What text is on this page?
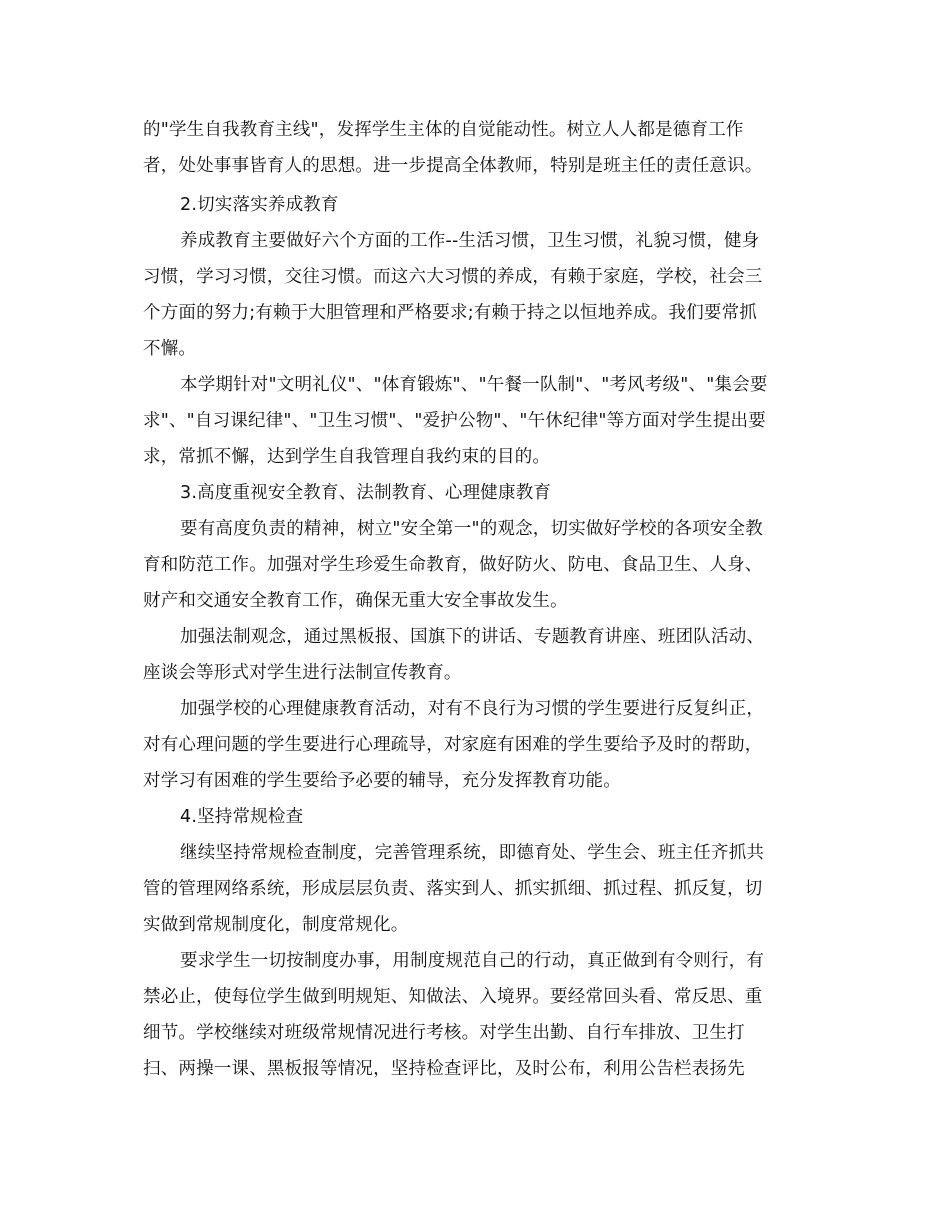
的"学生自我教育主线"，发挥学生主体的自觉能动性。树立人人都是德育工作
者，处处事事皆育人的思想。进一步提高全体教师，特别是班主任的责任意识。
2.切实落实养成教育
养成教育主要做好六个方面的工作--生活习惯，卫生习惯，礼貌习惯，健身
习惯，学习习惯，交往习惯。而这六大习惯的养成，有赖于家庭，学校，社会三
个方面的努力;有赖于大胆管理和严格要求;有赖于持之以恒地养成。我们要常抓
不懈。
本学期针对"文明礼仪"、"体育锻炼"、"午餐一队制"、"考风考级"、"集会要
求"、"自习课纪律"、"卫生习惯"、"爱护公物"、"午休纪律"等方面对学生提出要
求，常抓不懈，达到学生自我管理自我约束的目的。
3.高度重视安全教育、法制教育、心理健康教育
要有高度负责的精神，树立"安全第一"的观念，切实做好学校的各项安全教
育和防范工作。加强对学生珍爱生命教育，做好防火、防电、食品卫生、人身、
财产和交通安全教育工作，确保无重大安全事故发生。
加强法制观念，通过黑板报、国旗下的讲话、专题教育讲座、班团队活动、
座谈会等形式对学生进行法制宣传教育。
加强学校的心理健康教育活动，对有不良行为习惯的学生要进行反复纠正，
对有心理问题的学生要进行心理疏导，对家庭有困难的学生要给予及时的帮助，
对学习有困难的学生要给予必要的辅导，充分发挥教育功能。
4.坚持常规检查
继续坚持常规检查制度，完善管理系统，即德育处、学生会、班主任齐抓共
管的管理网络系统，形成层层负责、落实到人、抓实抓细、抓过程、抓反复，切
实做到常规制度化，制度常规化。
要求学生一切按制度办事，用制度规范自己的行动，真正做到有令则行，有
禁必止，使每位学生做到明规矩、知做法、入境界。要经常回头看、常反思、重
细节。学校继续对班级常规情况进行考核。对学生出勤、自行车排放、卫生打
扫、两操一课、黑板报等情况，坚持检查评比，及时公布，利用公告栏表扬先
